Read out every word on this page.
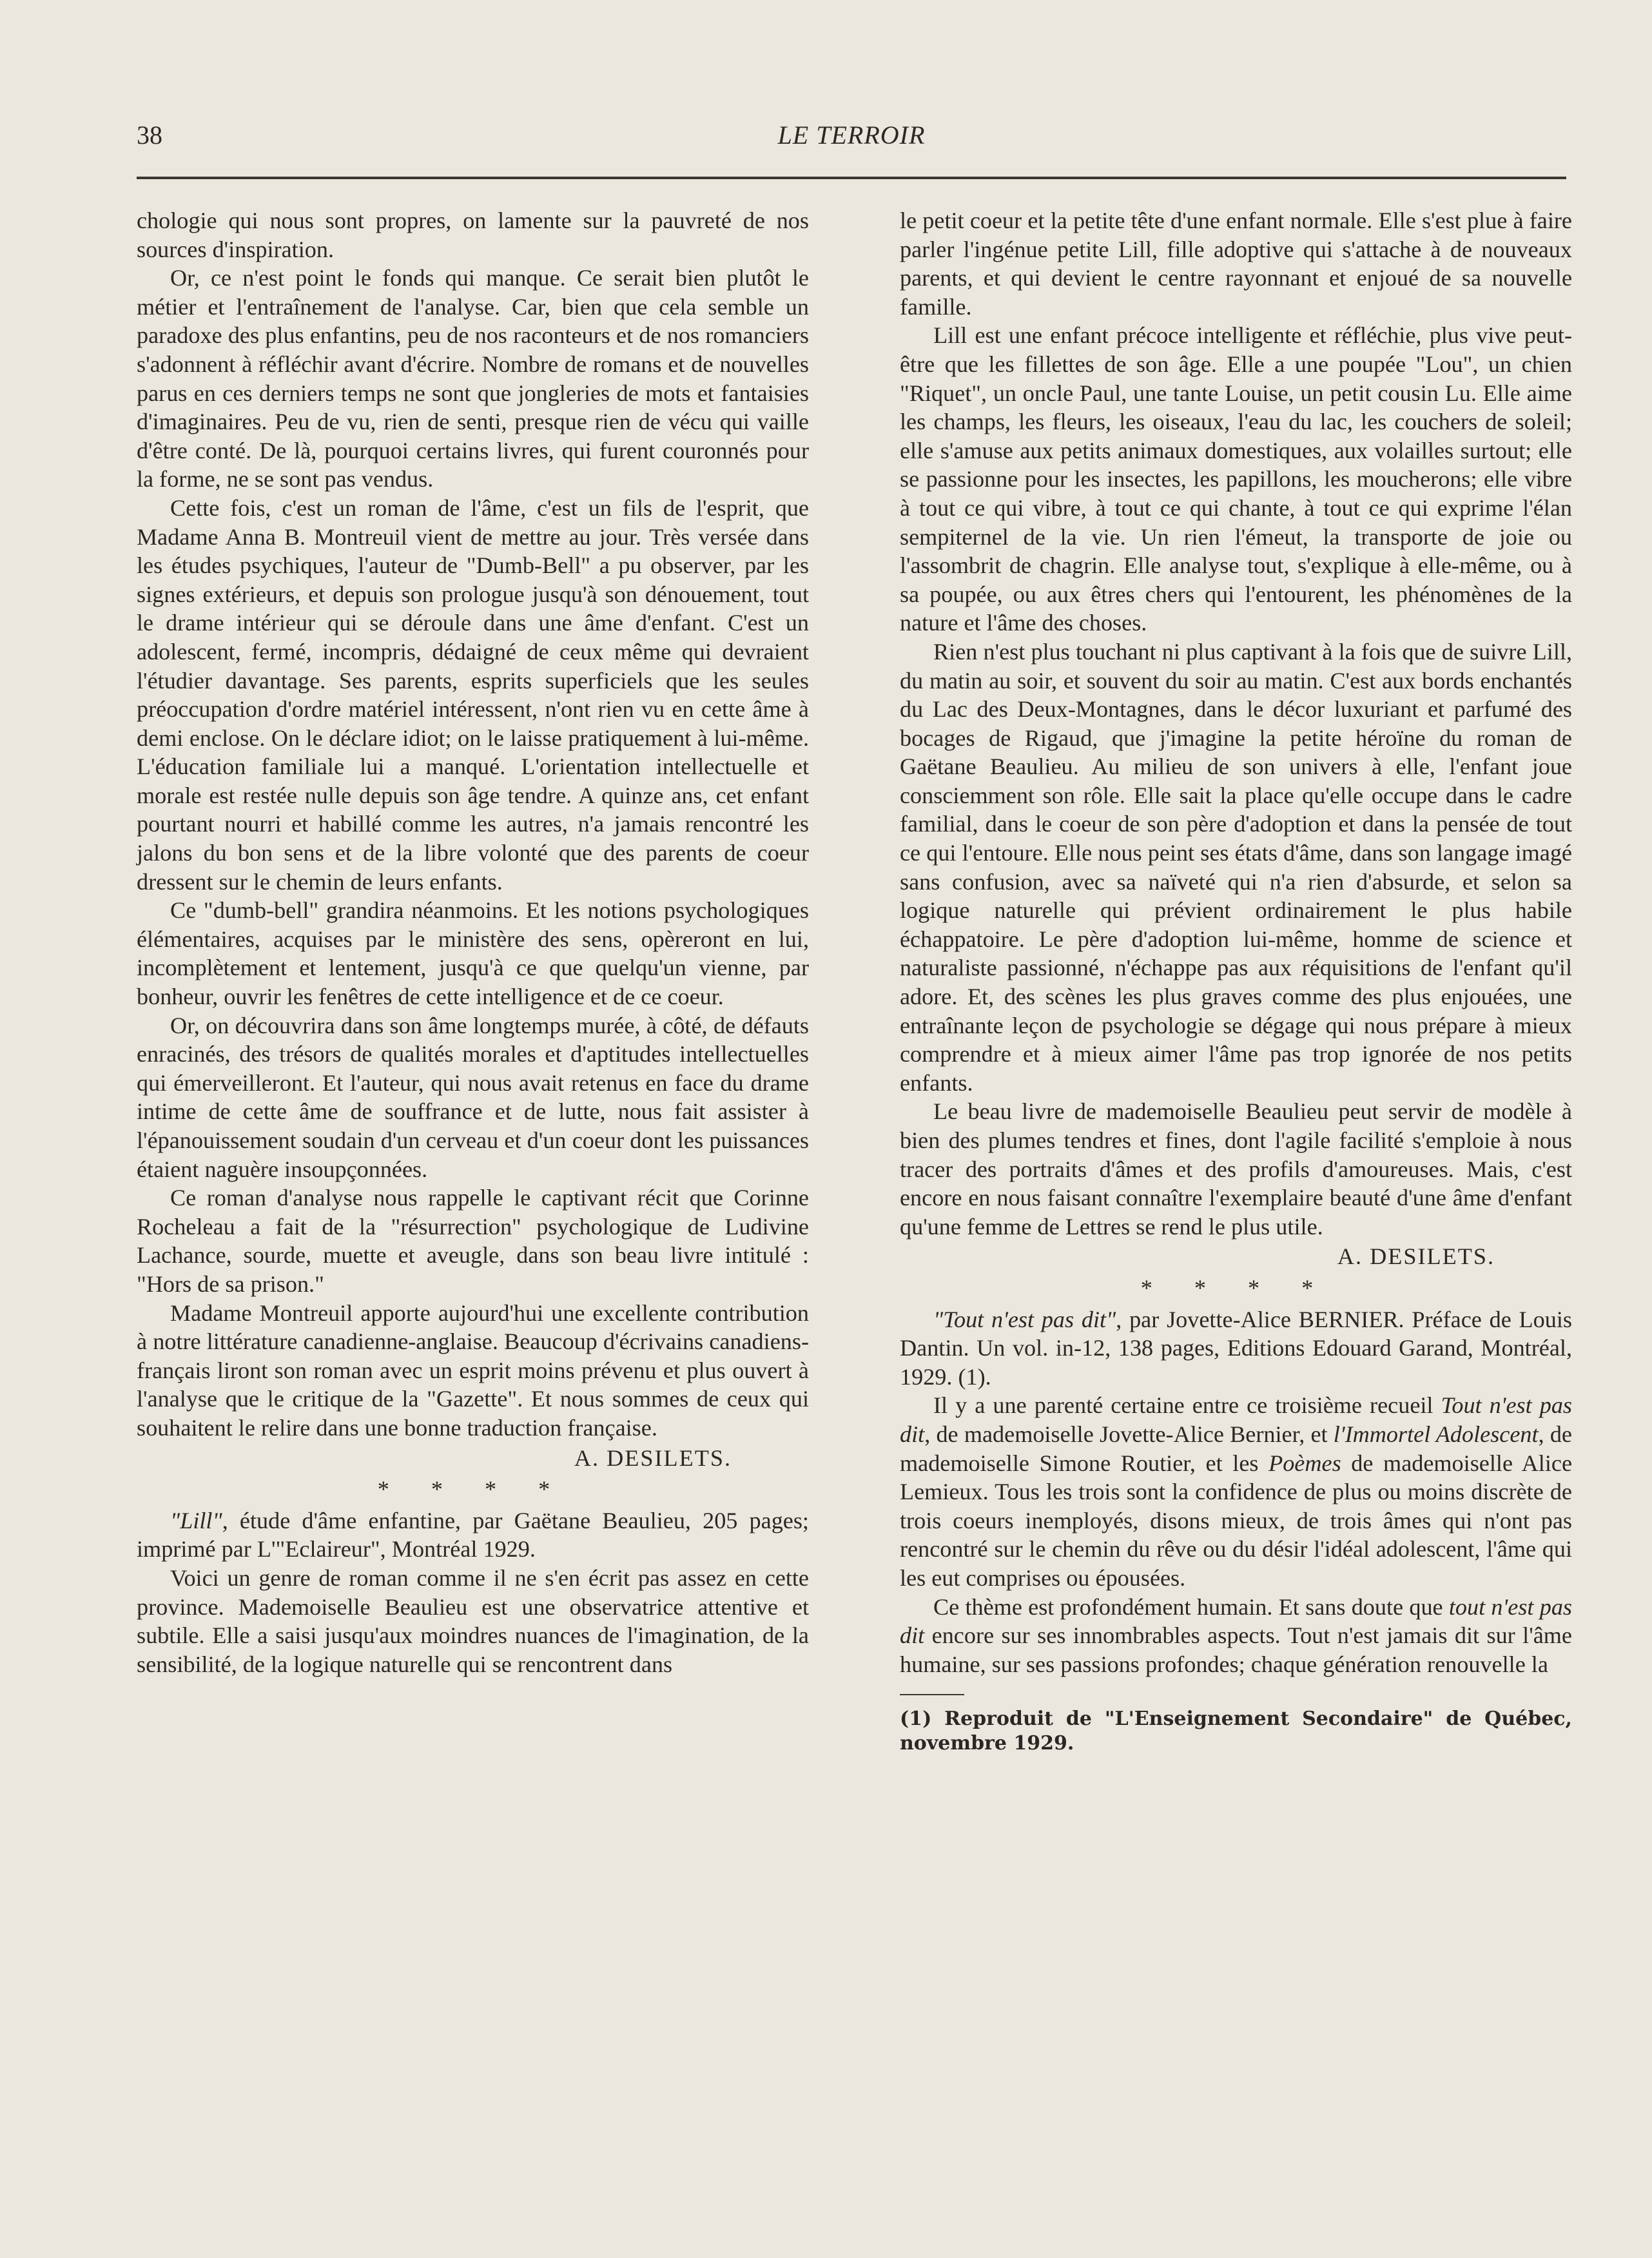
38	LE TERROIR

chologie qui nous sont propres, on lamente sur la pauvreté de nos sources d'inspiration.

Or, ce n'est point le fonds qui manque. Ce serait bien plutôt le métier et l'entraînement de l'analyse. Car, bien que cela semble un paradoxe des plus enfantins, peu de nos raconteurs et de nos romanciers s'adonnent à réfléchir avant d'écrire. Nombre de romans et de nouvelles parus en ces derniers temps ne sont que jongleries de mots et fantaisies d'imaginaires. Peu de vu, rien de senti, presque rien de vécu qui vaille d'être conté. De là, pourquoi certains livres, qui furent couronnés pour la forme, ne se sont pas vendus.

Cette fois, c'est un roman de l'âme, c'est un fils de l'esprit, que Madame Anna B. Montreuil vient de mettre au jour. Très versée dans les études psychiques, l'auteur de "Dumb-Bell" a pu observer, par les signes extérieurs, et depuis son prologue jusqu'à son dénouement, tout le drame intérieur qui se déroule dans une âme d'enfant. C'est un adolescent, fermé, incompris, dédaigné de ceux même qui devraient l'étudier davantage. Ses parents, esprits superficiels que les seules préoccupation d'ordre matériel intéressent, n'ont rien vu en cette âme à demi enclose. On le déclare idiot; on le laisse pratiquement à lui-même. L'éducation familiale lui a manqué. L'orientation intellectuelle et morale est restée nulle depuis son âge tendre. A quinze ans, cet enfant pourtant nourri et habillé comme les autres, n'a jamais rencontré les jalons du bon sens et de la libre volonté que des parents de coeur dressent sur le chemin de leurs enfants.

Ce "dumb-bell" grandira néanmoins. Et les notions psychologiques élémentaires, acquises par le ministère des sens, opèreront en lui, incomplètement et lentement, jusqu'à ce que quelqu'un vienne, par bonheur, ouvrir les fenêtres de cette intelligence et de ce coeur.

Or, on découvrira dans son âme longtemps murée, à côté, de défauts enracinés, des trésors de qualités morales et d'aptitudes intellectuelles qui émerveilleront. Et l'auteur, qui nous avait retenus en face du drame intime de cette âme de souffrance et de lutte, nous fait assister à l'épanouissement soudain d'un cerveau et d'un coeur dont les puissances étaient naguère insoupçonnées.

Ce roman d'analyse nous rappelle le captivant récit que Corinne Rocheleau a fait de la "résurrection" psychologique de Ludivine Lachance, sourde, muette et aveugle, dans son beau livre intitulé : "Hors de sa prison."

Madame Montreuil apporte aujourd'hui une excellente contribution à notre littérature canadienne-anglaise. Beaucoup d'écrivains canadiens-français liront son roman avec un esprit moins prévenu et plus ouvert à l'analyse que le critique de la "Gazette". Et nous sommes de ceux qui souhaitent le relire dans une bonne traduction française.

A. DESILETS.

* * * *

"Lill", étude d'âme enfantine, par Gaëtane Beaulieu, 205 pages; imprimé par L'"Eclaireur", Montréal 1929.

Voici un genre de roman comme il ne s'en écrit pas assez en cette province. Mademoiselle Beaulieu est une observatrice attentive et subtile. Elle a saisi jusqu'aux moindres nuances de l'imagination, de la sensibilité, de la logique naturelle qui se rencontrent dans

le petit coeur et la petite tête d'une enfant normale. Elle s'est plue à faire parler l'ingénue petite Lill, fille adoptive qui s'attache à de nouveaux parents, et qui devient le centre rayonnant et enjoué de sa nouvelle famille.

Lill est une enfant précoce intelligente et réfléchie, plus vive peut-être que les fillettes de son âge. Elle a une poupée "Lou", un chien "Riquet", un oncle Paul, une tante Louise, un petit cousin Lu. Elle aime les champs, les fleurs, les oiseaux, l'eau du lac, les couchers de soleil; elle s'amuse aux petits animaux domestiques, aux volailles surtout; elle se passionne pour les insectes, les papillons, les moucherons; elle vibre à tout ce qui vibre, à tout ce qui chante, à tout ce qui exprime l'élan sempiternel de la vie. Un rien l'émeut, la transporte de joie ou l'assombrit de chagrin. Elle analyse tout, s'explique à elle-même, ou à sa poupée, ou aux êtres chers qui l'entourent, les phénomènes de la nature et l'âme des choses.

Rien n'est plus touchant ni plus captivant à la fois que de suivre Lill, du matin au soir, et souvent du soir au matin. C'est aux bords enchantés du Lac des Deux-Montagnes, dans le décor luxuriant et parfumé des bocages de Rigaud, que j'imagine la petite héroïne du roman de Gaëtane Beaulieu. Au milieu de son univers à elle, l'enfant joue consciemment son rôle. Elle sait la place qu'elle occupe dans le cadre familial, dans le coeur de son père d'adoption et dans la pensée de tout ce qui l'entoure. Elle nous peint ses états d'âme, dans son langage imagé sans confusion, avec sa naïveté qui n'a rien d'absurde, et selon sa logique naturelle qui prévient ordinairement le plus habile échappatoire. Le père d'adoption lui-même, homme de science et naturaliste passionné, n'échappe pas aux réquisitions de l'enfant qu'il adore. Et, des scènes les plus graves comme des plus enjouées, une entraînante leçon de psychologie se dégage qui nous prépare à mieux comprendre et à mieux aimer l'âme pas trop ignorée de nos petits enfants.

Le beau livre de mademoiselle Beaulieu peut servir de modèle à bien des plumes tendres et fines, dont l'agile facilité s'emploie à nous tracer des portraits d'âmes et des profils d'amoureuses. Mais, c'est encore en nous faisant connaître l'exemplaire beauté d'une âme d'enfant qu'une femme de Lettres se rend le plus utile.

A. DESILETS.

* * * *

"Tout n'est pas dit", par Jovette-Alice BERNIER. Préface de Louis Dantin. Un vol. in-12, 138 pages, Editions Edouard Garand, Montréal, 1929. (1).

Il y a une parenté certaine entre ce troisième recueil Tout n'est pas dit, de mademoiselle Jovette-Alice Bernier, et l'Immortel Adolescent, de mademoiselle Simone Routier, et les Poèmes de mademoiselle Alice Lemieux. Tous les trois sont la confidence de plus ou moins discrète de trois coeurs inemployés, disons mieux, de trois âmes qui n'ont pas rencontré sur le chemin du rêve ou du désir l'idéal adolescent, l'âme qui les eut comprises ou épousées.

Ce thème est profondément humain. Et sans doute que tout n'est pas dit encore sur ses innombrables aspects. Tout n'est jamais dit sur l'âme humaine, sur ses passions profondes; chaque génération renouvelle la

(1) Reproduit de "L'Enseignement Secondaire" de Québec, novembre 1929.
